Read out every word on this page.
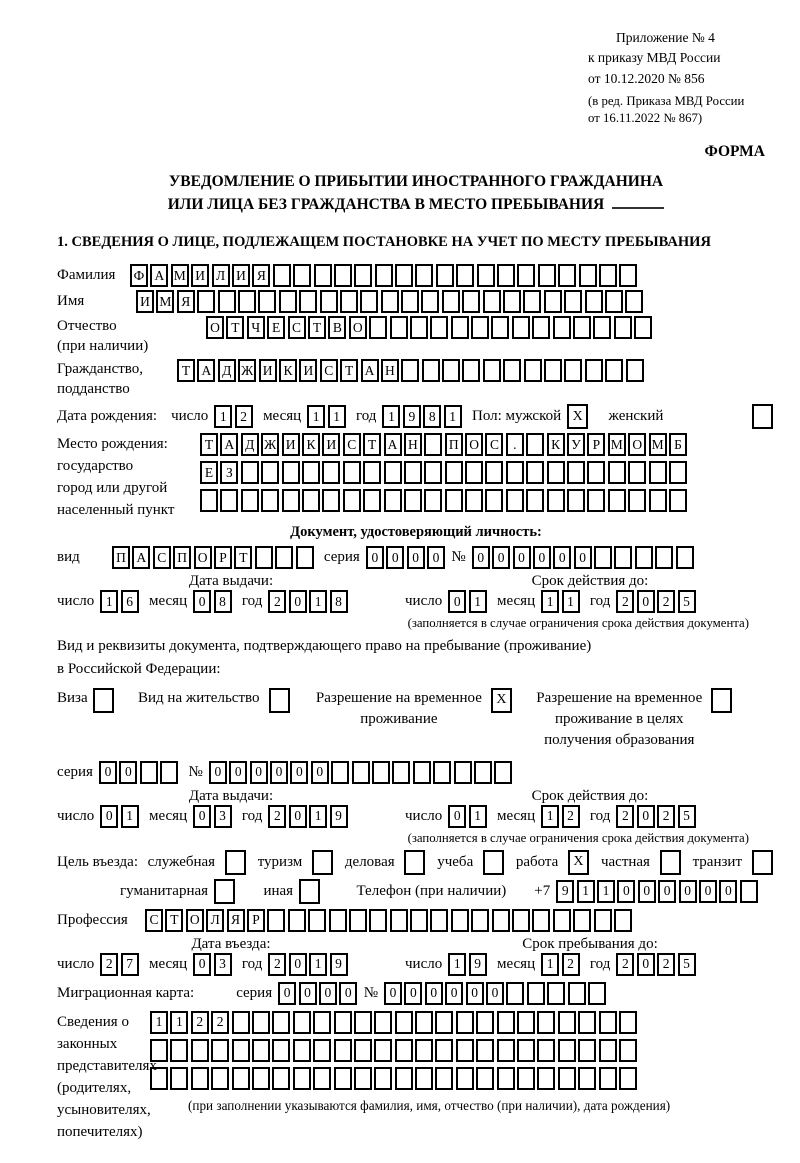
Приложение № 4
к приказу МВД России
от 10.12.2020 № 856
(в ред. Приказа МВД России
от 16.11.2022 № 867)
ФОРМА
УВЕДОМЛЕНИЕ О ПРИБЫТИИ ИНОСТРАННОГО ГРАЖДАНИНА
ИЛИ ЛИЦА БЕЗ ГРАЖДАНСТВА В МЕСТО ПРЕБЫВАНИЯ
1. СВЕДЕНИЯ О ЛИЦЕ, ПОДЛЕЖАЩЕМ ПОСТАНОВКЕ НА УЧЕТ ПО МЕСТУ ПРЕБЫВАНИЯ
Фамилия	Ф А М И Л И Я
Имя	И М Я
Отчество
(при наличии)
О Т Ч Е С Т В О
Гражданство,
подданство
Т А Д Ж И К И С Т А Н
Дата рождения: число 1	2	месяц 1	1	год 1	9	8	1	Пол: мужской X	женский
Место рождения:
государство
город или другой
населенный пункт
Т А Д Ж И К И С Т А Н	П О С	.	К У Р М О М Б
Е З
Документ, удостоверяющий личность:
вид	П А С П О Р Т	серия 0	0	0	0 № 0	0	0	0	0	0
Дата выдачи:	Срок действия до:
число 1	6	месяц 0	8	год 2	0	1	8	число 0	1	месяц 1	1	год 2	0	2	5
(заполняется в случае ограничения срока действия документа)
Вид и реквизиты документа, подтверждающего право на пребывание (проживание)
в Российской Федерации:
Виза	Вид на жительство	Разрешение на временное
проживание
X	Разрешение на временное
проживание в целях
получения образования
серия 0	0	№ 0	0	0	0	0	0
Дата выдачи:	Срок действия до:
число 0	1	месяц 0	3	год 2	0	1	9	число 0	1	месяц 1	2	год 2	0	2	5
(заполняется в случае ограничения срока действия документа)
Цель въезда: служебная	туризм	деловая	учеба	работа	X	частная	транзит
гуманитарная	иная	Телефон (при наличии) +7 9	1	1	0	0	0	0	0	0
Профессия	С Т О Л Я Р
Дата въезда:	Срок пребывания до:
число 2	7	месяц 0	3	год 2	0	1	9	число 1	9	месяц 1	2	год 2	0	2	5
Миграционная карта:	серия 0	0	0	0 № 0	0	0	0	0	0
Сведения о
законных
представителях
(родителях,
усыновителях,
попечителях)
1	1	2	2
(при заполнении указываются фамилия, имя, отчество (при наличии), дата рождения)
